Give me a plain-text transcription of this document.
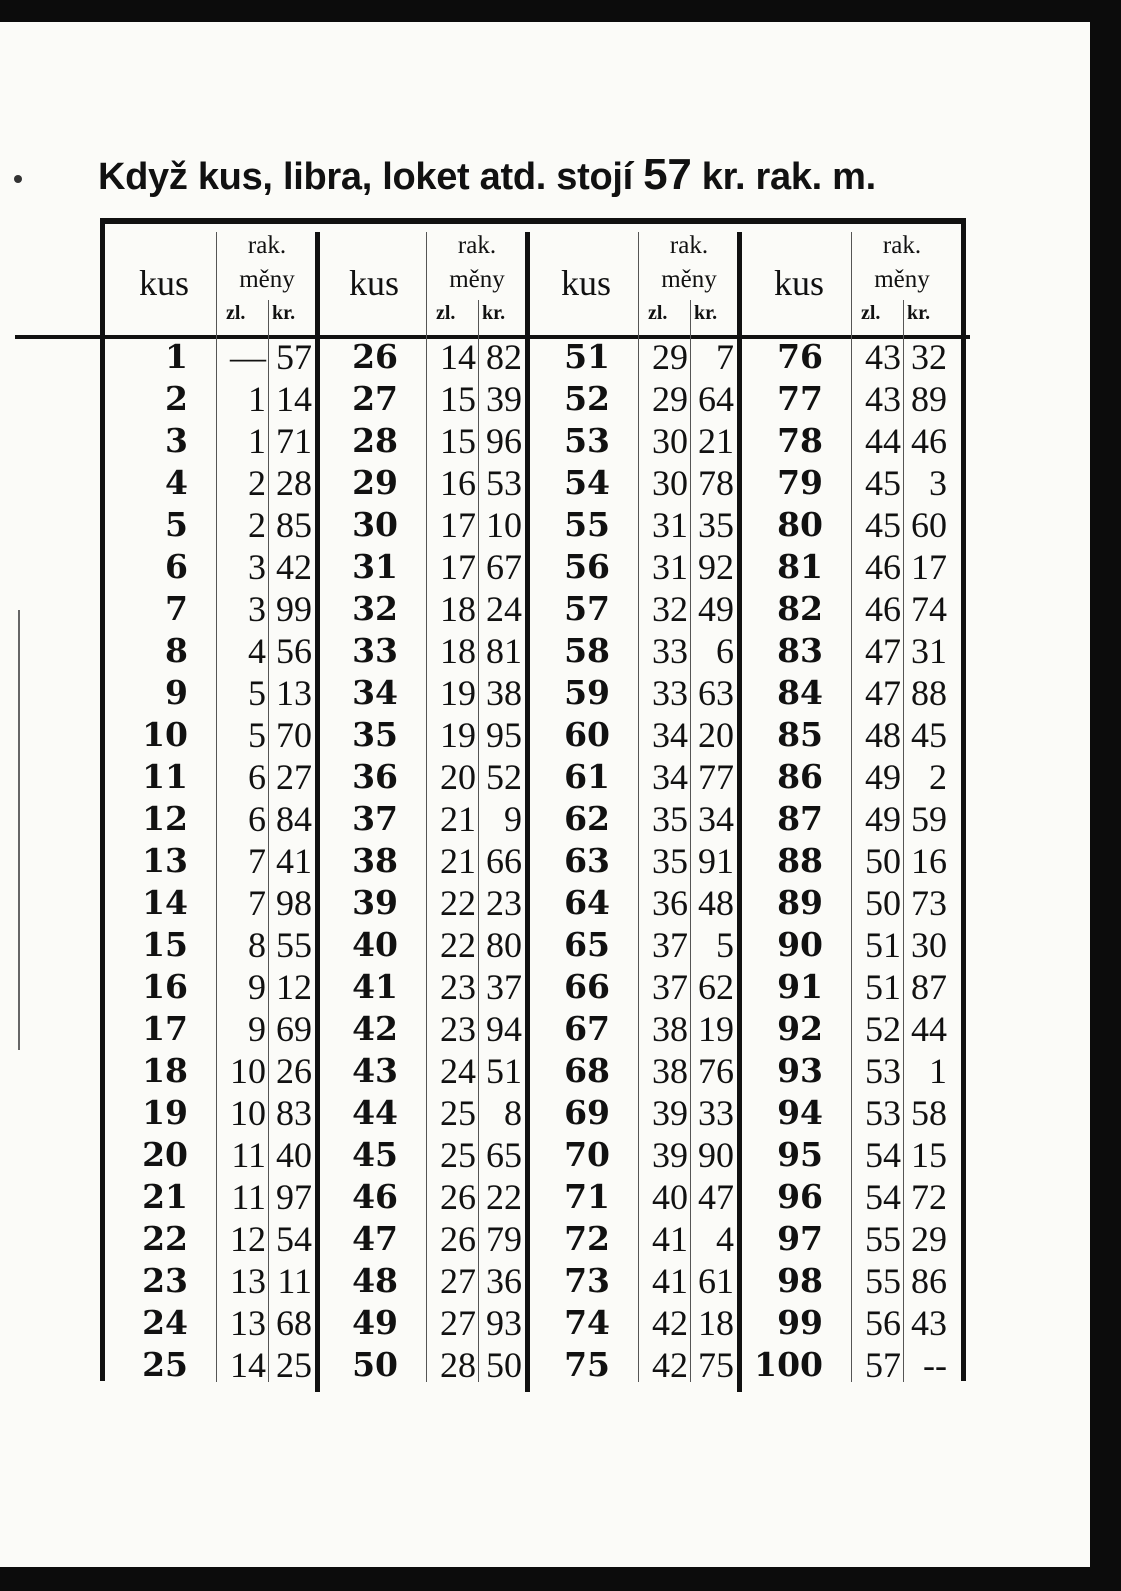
Když kus, libra, loket atd. stojí 57 kr. rak. m.
kus
rak.
měny
zl. kr.
1	— 57
2	1 14
3	1 71
4	2 28
5	2 85
6	3 42
7	3 99
8	4 56
9	5 13
10	5 70
11	6 27
12	6 84
13	7 41
14	7 98
15	8 55
16	9 12
17	9 69
18	10 26
19	10 83
20	11 40
21	11 97
22	12 54
23	13 11
24	13 68
25	14 25
kus
rak.
měny
zl. kr.
26	14 82
27	15 39
28	15 96
29	16 53
30	17 10
31	17 67
32	18 24
33	18 81
34	19 38
35	19 95
36	20 52
37	21 9
38	21 66
39	22 23
40	22 80
41	23 37
42	23 94
43	24 51
44	25 8
45	25 65
46	26 22
47	26 79
48	27 36
49	27 93
50	28 50
kus
rak.
měny
zl. kr.
51	29 7
52	29 64
53	30 21
54	30 78
55	31 35
56	31 92
57	32 49
58	33 6
59	33 63
60	34 20
61	34 77
62	35 34
63	35 91
64	36 48
65	37 5
66	37 62
67	38 19
68	38 76
69	39 33
70	39 90
71	40 47
72	41 4
73	41 61
74	42 18
75	42 75
kus
rak.
měny
zl. kr.
76	43 32
77	43 89
78	44 46
79	45 3
80	45 60
81	46 17
82	46 74
83	47 31
84	47 88
85	48 45
86	49 2
87	49 59
88	50 16
89	50 73
90	51 30
91	51 87
92	52 44
93	53 1
94	53 58
95	54 15
96	54 72
97	55 29
98	55 86
99	56 43
100	57 --
